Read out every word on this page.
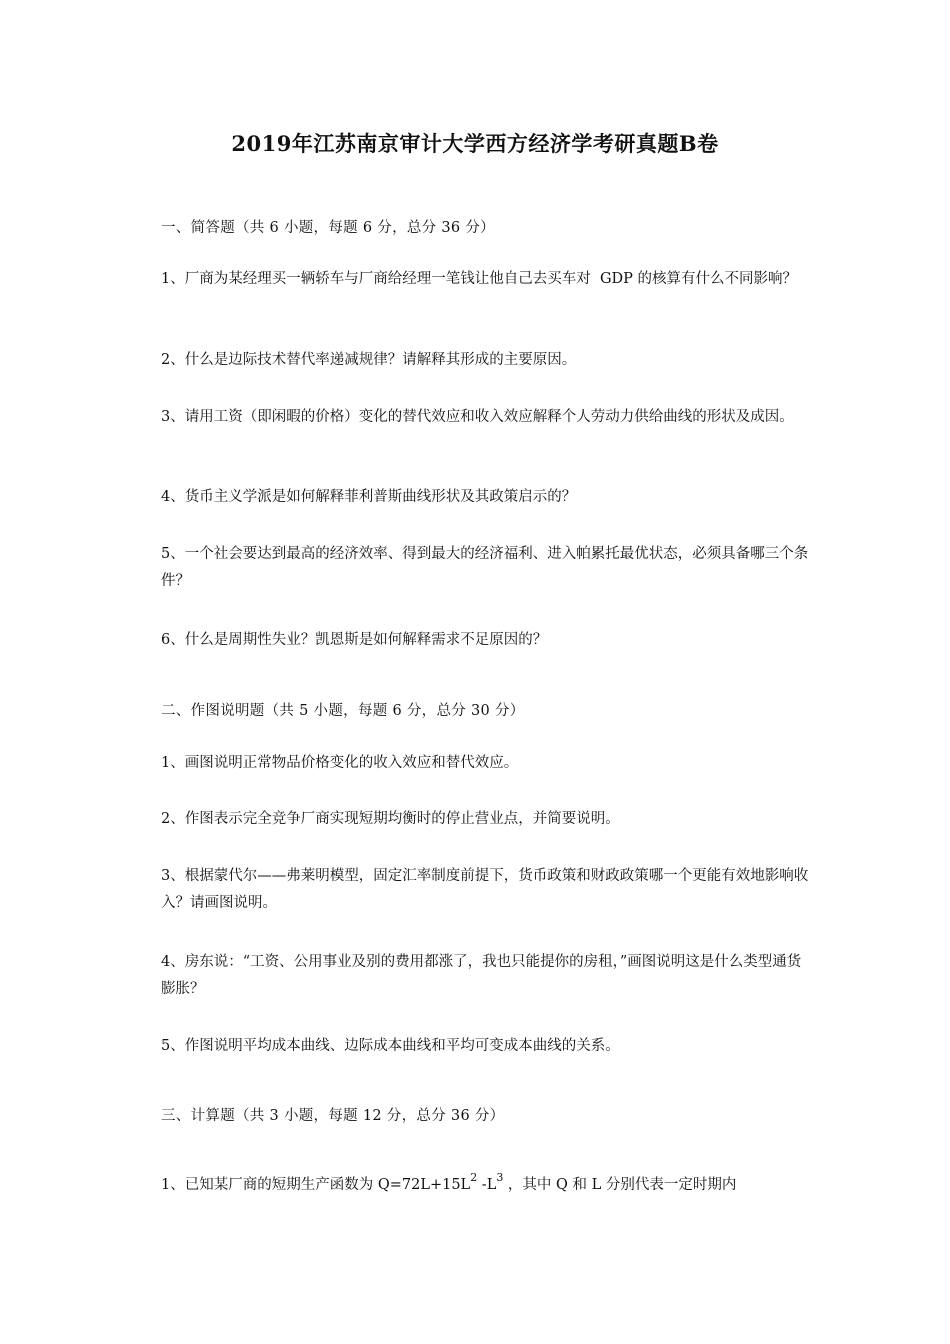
2019年江苏南京审计大学西方经济学考研真题B卷
一、简答题（共 6 小题，每题 6 分，总分 36 分）
1、厂商为某经理买一辆轿车与厂商给经理一笔钱让他自己去买车对  GDP 的核算有什么不同影响？
2、什么是边际技术替代率递减规律？请解释其形成的主要原因。
3、请用工资（即闲暇的价格）变化的替代效应和收入效应解释个人劳动力供给曲线的形状及成因。
4、货币主义学派是如何解释菲利普斯曲线形状及其政策启示的？
5、一个社会要达到最高的经济效率、得到最大的经济福利、进入帕累托最优状态，必须具备哪三个条件？
6、什么是周期性失业？凯恩斯是如何解释需求不足原因的？
二、作图说明题（共 5 小题，每题 6 分，总分 30 分）
1、画图说明正常物品价格变化的收入效应和替代效应。
2、作图表示完全竞争厂商实现短期均衡时的停止营业点，并简要说明。
3、根据蒙代尔——弗莱明模型，固定汇率制度前提下，货币政策和财政政策哪一个更能有效地影响收入？请画图说明。
4、房东说：“工资、公用事业及别的费用都涨了，我也只能提你的房租，”画图说明这是什么类型通货膨胀？
5、作图说明平均成本曲线、边际成本曲线和平均可变成本曲线的关系。
三、计算题（共 3 小题，每题 12 分，总分 36 分）
1、已知某厂商的短期生产函数为 $Q=72L+15L^2$ $-L^3$ ，其中 Q 和 L 分别代表一定时期内
